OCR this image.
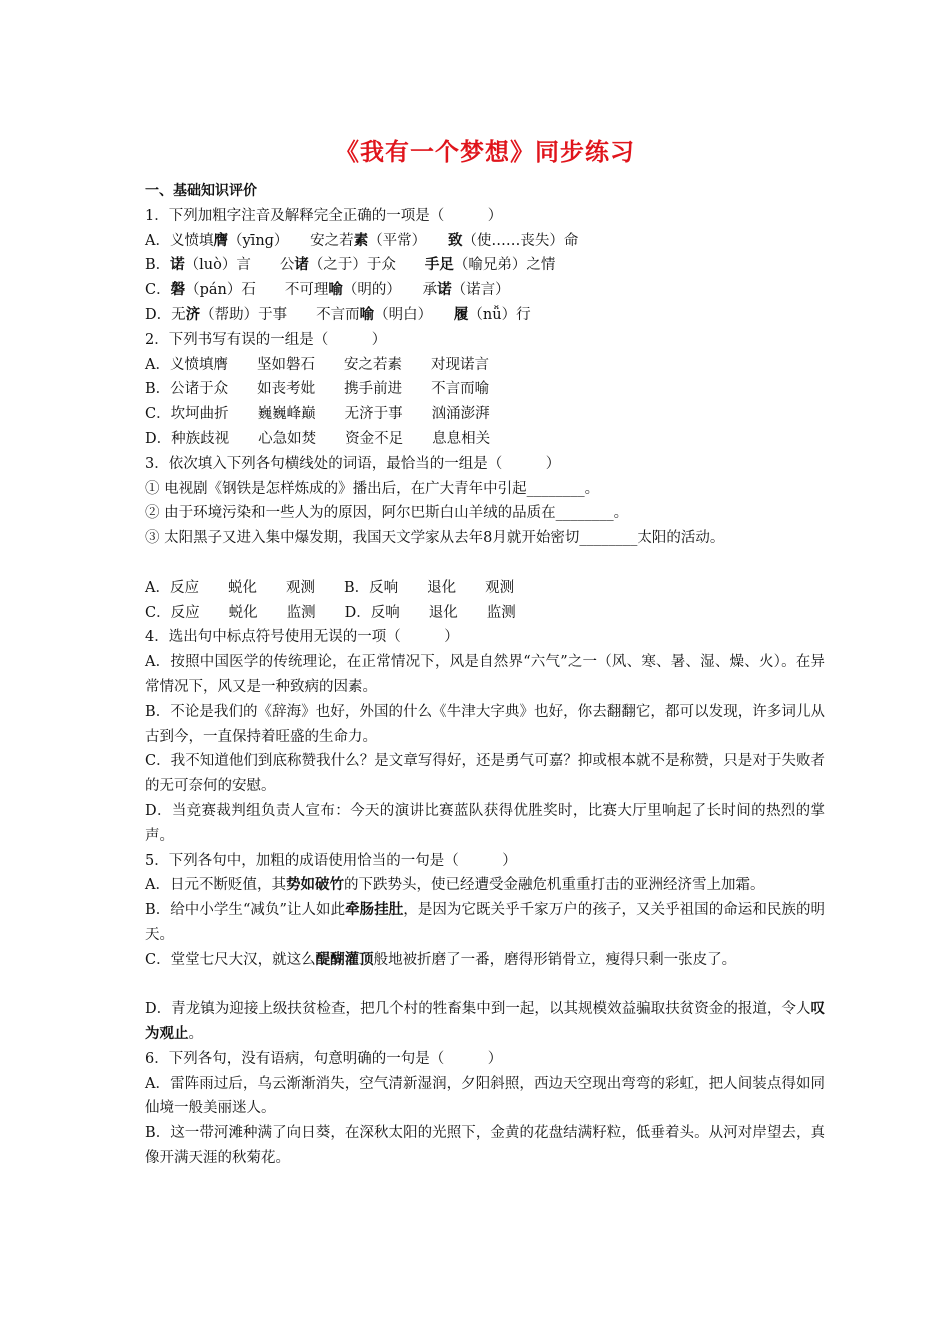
《我有一个梦想》同步练习

一、基础知识评价

1．下列加粗字注音及解释完全正确的一项是（　　　）

A．义愤填膺（yīnɡ）　　安之若素（平常）　　致（使……丧失）命

B．诺（luò）言　　公诸（之于）于众　　手足（喻兄弟）之情

C．磐（pán）石　　不可理喻（明的）　　承诺（诺言）

D．无济（帮助）于事　　不言而喻（明白）　　履（nǚ）行

2．下列书写有误的一组是（　　　）

A．义愤填膺　　坚如磐石　　安之若素　　对现诺言

B．公诸于众　　如丧考妣　　携手前进　　不言而喻

C．坎坷曲折　　巍巍峰巅　　无济于事　　汹涌澎湃

D．种族歧视　　心急如焚　　资金不足　　息息相关

3．依次填入下列各句横线处的词语，最恰当的一组是（　　　）

① 电视剧《钢铁是怎样炼成的》播出后，在广大青年中引起________。

② 由于环境污染和一些人为的原因，阿尔巴斯白山羊绒的品质在________。

③ 太阳黑子又进入集中爆发期，我国天文学家从去年8月就开始密切________太阳的活动。

A．反应　　蜕化　　观测　　B．反响　　退化　　观测

C．反应　　蜕化　　监测　　D．反响　　退化　　监测

4．选出句中标点符号使用无误的一项（　　　）

A．按照中国医学的传统理论，在正常情况下，风是自然界“六气”之一（风、寒、暑、湿、燥、火）。在异常情况下，风又是一种致病的因素。

B．不论是我们的《辞海》也好，外国的什么《牛津大字典》也好，你去翻翻它，都可以发现，许多词儿从古到今，一直保持着旺盛的生命力。

C．我不知道他们到底称赞我什么？是文章写得好，还是勇气可嘉？抑或根本就不是称赞，只是对于失败者的无可奈何的安慰。

D．当竞赛裁判组负责人宣布：今天的演讲比赛蓝队获得优胜奖时，比赛大厅里响起了长时间的热烈的掌声。

5．下列各句中，加粗的成语使用恰当的一句是（　　　）

A．日元不断贬值，其势如破竹的下跌势头，使已经遭受金融危机重重打击的亚洲经济雪上加霜。

B．给中小学生“减负”让人如此牵肠挂肚，是因为它既关乎千家万户的孩子，又关乎祖国的命运和民族的明天。

C．堂堂七尺大汉，就这么醍醐灌顶般地被折磨了一番，磨得形销骨立，瘦得只剩一张皮了。

D．青龙镇为迎接上级扶贫检查，把几个村的牲畜集中到一起，以其规模效益骗取扶贫资金的报道，令人叹为观止。

6．下列各句，没有语病，句意明确的一句是（　　　）

A．雷阵雨过后，乌云渐渐消失，空气清新湿润，夕阳斜照，西边天空现出弯弯的彩虹，把人间装点得如同仙境一般美丽迷人。

B．这一带河滩种满了向日葵，在深秋太阳的光照下，金黄的花盘结满籽粒，低垂着头。从河对岸望去，真像开满天涯的秋菊花。
